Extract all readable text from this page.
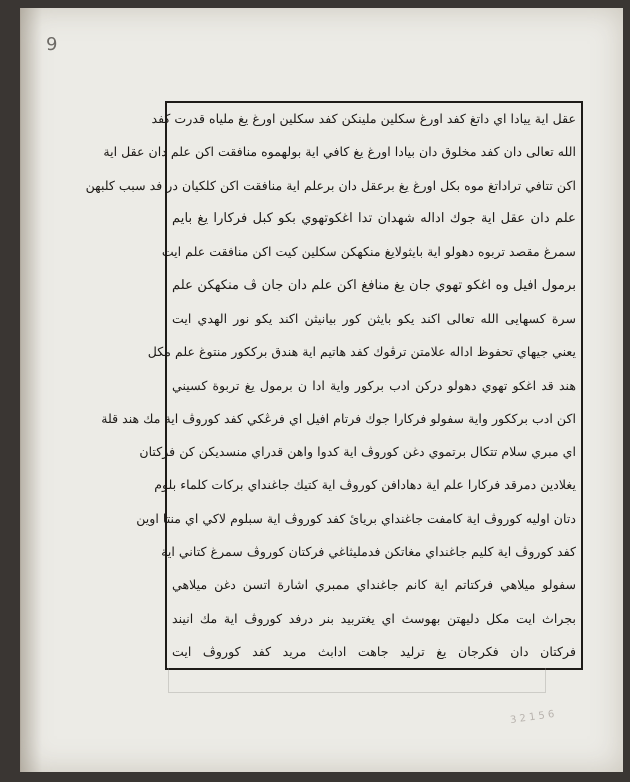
9
عقل اية ييادا اي داتغ كفد اورغ سكلين ملينكن كفد سكلين اورغ يغ ملياه قدرت كفد
الله تعالى دان كفد مخلوق دان بيادا اورغ يغ كافي اية بولهموه منافقت اكن علم دان عقل اية
اكن تتافي تراداتغ موه بكل اورغ يغ برعقل دان برعلم اية منافقت اكن كلكيان در فد سبب كلبهن
علم دان عقل اية جوك اداله شهدان تدا اغكوتهوي بكو كبل فركارا يغ بايم
سمرغ مقصد تربوه دهولو اية بايثولايغ منكهكن سكلين كيت اكن منافقت علم ايت
برمول افيل وه اغكو تهوي جان يغ منافغ اكن علم دان جان ڤ منكهكن علم
سرة كسهايى الله تعالى اكند يكو بايثن كور بيانيثن اكند يكو نور الهدي ايت
يعني جيهاي تحفوظ اداله علامتن ترڤوك كفد هاتيم اية هندق برككور منتوغ علم مكل
هند قد اغكو تهوي دهولو دركن ادب بركور واية ادا ن برمول يغ تربوة كسيني
اكن ادب برككور واية سفولو فركارا جوك فرتام افيل اي فرڠكي كفد كوروڤ اية مك هند قلة
اي مبري سلام تتكال برتموي دغن كوروڤ اية كدوا واهن قدراي منسديكن كن فركتان
يغلادين دمرقد فركارا علم اية دهادافن كوروڤ اية كتيك جاغنداي بركات كلماء بلوم
دتان اوليه كوروڤ اية كامفت جاغنداي بريائ كفد كوروڤ اية سبلوم لاكي اي منتا اوين
كفد كوروڤ اية كليم جاغنداي مغاتكن فدمليثاغي فركتان كوروڤ سمرغ كتاني اية
سفولو ميلاهي فركتاتم اية كانم جاغنداي ممبري اشارة اتسن دغن ميلاهي
بجراث ايت مكل دليهتن بهوسث اي يغتربيد بنر درفد كوروڤ اية مك انيند
فركتان دان فكرجان يغ ترليد جاهت ادابث مريد كفد كوروڤ ايت
3 2 1 5 6
